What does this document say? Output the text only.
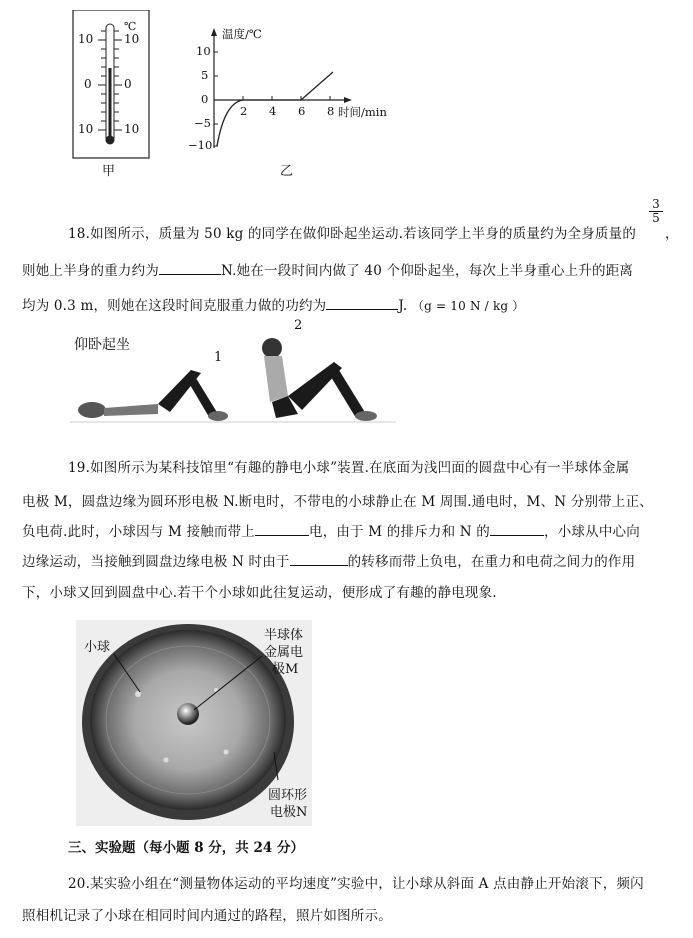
℃
10
0
10
10
0
10
甲
温度/℃
时间/min
10
5
0
−5
−10
2 4 6 8
乙
18.如图所示，质量为 50 kg 的同学在做仰卧起坐运动.若该同学上半身的质量约为全身质量的
$\frac{3}{5}$
，
则她上半身的重力约为	N.她在一段时间内做了 40 个仰卧起坐，每次上半身重心上升的距离
均为 0.3 m，则她在这段时间克服重力做的功约为	J. （g = 10 N / kg ）
仰卧起坐
1
2
19.如图所示为某科技馆里“有趣的静电小球”装置.在底面为浅凹面的圆盘中心有一半球体金属
电极 M，圆盘边缘为圆环形电极 N.断电时，不带电的小球静止在 M 周围.通电时，M、N 分别带上正、
负电荷.此时，小球因与 M 接触而带上	电，由于 M 的排斥力和 N 的	，小球从中心向
边缘运动，当接触到圆盘边缘电极 N 时由于	的转移而带上负电，在重力和电荷之间力的作用
下，小球又回到圆盘中心.若干个小球如此往复运动，便形成了有趣的静电现象.
小球
半球体
金属电
极M
圆环形
电极N
三、实验题（每小题 8 分，共 24 分）
20.某实验小组在“测量物体运动的平均速度”实验中，让小球从斜面 A 点由静止开始滚下，频闪
照相机记录了小球在相同时间内通过的路程，照片如图所示。
